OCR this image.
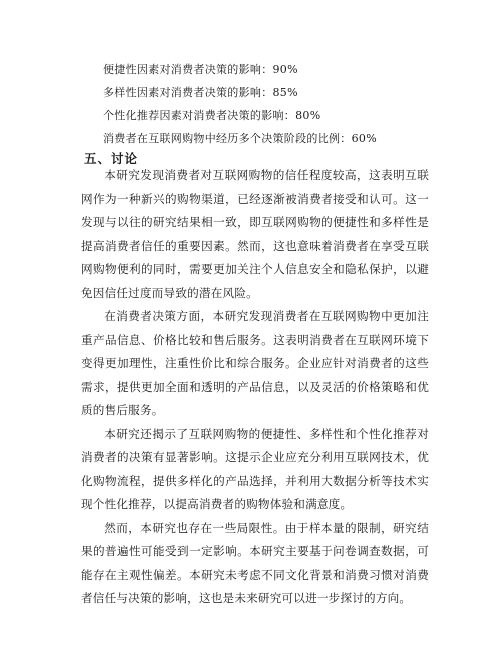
便捷性因素对消费者决策的影响：90%
多样性因素对消费者决策的影响：85%
个性化推荐因素对消费者决策的影响：80%
消费者在互联网购物中经历多个决策阶段的比例：60%
五、讨论

本研究发现消费者对互联网购物的信任程度较高，这表明互联网作为一种新兴的购物渠道，已经逐渐被消费者接受和认可。这一发现与以往的研究结果相一致，即互联网购物的便捷性和多样性是提高消费者信任的重要因素。然而，这也意味着消费者在享受互联网购物便利的同时，需要更加关注个人信息安全和隐私保护，以避免因信任过度而导致的潜在风险。

在消费者决策方面，本研究发现消费者在互联网购物中更加注重产品信息、价格比较和售后服务。这表明消费者在互联网环境下变得更加理性，注重性价比和综合服务。企业应针对消费者的这些需求，提供更加全面和透明的产品信息，以及灵活的价格策略和优质的售后服务。

本研究还揭示了互联网购物的便捷性、多样性和个性化推荐对消费者的决策有显著影响。这提示企业应充分利用互联网技术，优化购物流程，提供多样化的产品选择，并利用大数据分析等技术实现个性化推荐，以提高消费者的购物体验和满意度。

然而，本研究也存在一些局限性。由于样本量的限制，研究结果的普遍性可能受到一定影响。本研究主要基于问卷调查数据，可能存在主观性偏差。本研究未考虑不同文化背景和消费习惯对消费者信任与决策的影响，这也是未来研究可以进一步探讨的方向。
